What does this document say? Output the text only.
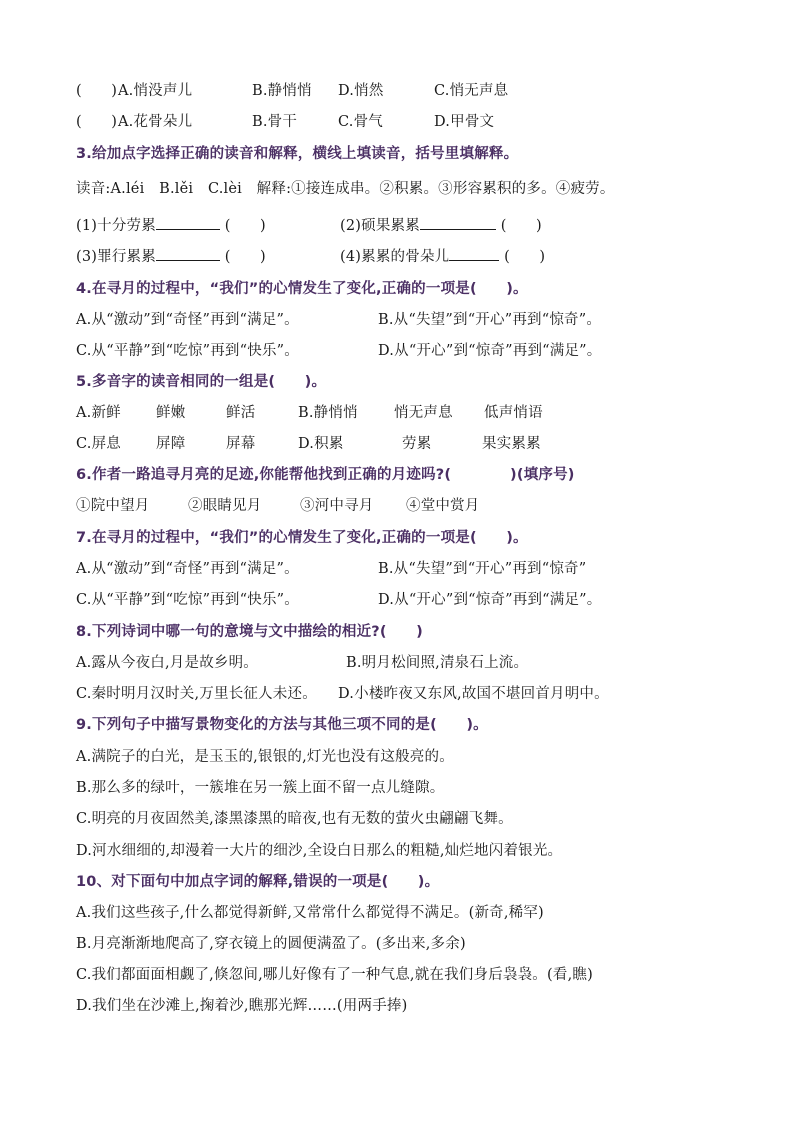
(　　) A.悄没声儿	B.静悄悄 D.悄然	C.悄无声息
(　　) A.花骨朵儿	B.骨干	C.骨气	D.甲骨文
3.给加点字选择正确的读音和解释，横线上填读音，括号里填解释。
读音:A.léi　B.lěi　C.lèi　解释:①接连成串。②积累。③形容累积的多。④疲劳。
(1)十分劳累	(　　)	(2)硕果累累	(　　)
(3)罪行累累	(　　)	(4)累累的骨朵儿	(　　)
4.在寻月的过程中，“我们”的心情发生了变化,正确的一项是(　　)。
A.从“激动”到“奇怪”再到“满足”。	B.从“失望”到“开心”再到“惊奇”。
C.从“平静”到“吃惊”再到“快乐”。	D.从“开心”到“惊奇”再到“满足”。
5.多音字的读音相同的一组是(　　)。
A.新鲜 鲜嫩	鲜活	B.静悄悄 悄无声息 低声悄语
C.屏息 屏障	屏幕	D.积累	劳累	果实累累
6.作者一路追寻月亮的足迹,你能帮他找到正确的月迹吗?(　　　　)(填序号)
①院中望月	②眼睛见月	③河中寻月 ④堂中赏月
7.在寻月的过程中，“我们”的心情发生了变化,正确的一项是(　　)。
A.从“激动”到“奇怪”再到“满足”。	B.从“失望”到“开心”再到“惊奇”
C.从“平静”到“吃惊”再到“快乐”。	D.从“开心”到“惊奇”再到“满足”。
8.下列诗词中哪一句的意境与文中描绘的相近?(　　)
A.露从今夜白,月是故乡明。	B.明月松间照,清泉石上流。
C.秦时明月汉时关,万里长征人未还。 D.小楼昨夜又东风,故国不堪回首月明中。
9.下列句子中描写景物变化的方法与其他三项不同的是(　　)。
A.满院子的白光，是玉玉的,银银的,灯光也没有这般亮的。
B.那么多的绿叶，一簇堆在另一簇上面不留一点儿缝隙。
C.明亮的月夜固然美,漆黑漆黑的暗夜,也有无数的萤火虫翩翩飞舞。
D.河水细细的,却漫着一大片的细沙,全设白日那么的粗糙,灿烂地闪着银光。
10、对下面句中加点字词的解释,错误的一项是(　　)。
A.我们这些孩子,什么都觉得新鲜,又常常什么都觉得不满足。(新奇,稀罕)
B.月亮渐渐地爬高了,穿衣镜上的圆便满盈了。(多出来,多余)
C.我们都面面相觑了,倏忽间,哪儿好像有了一种气息,就在我们身后袅袅。(看,瞧)
D.我们坐在沙滩上,掬着沙,瞧那光辉……(用两手捧)
